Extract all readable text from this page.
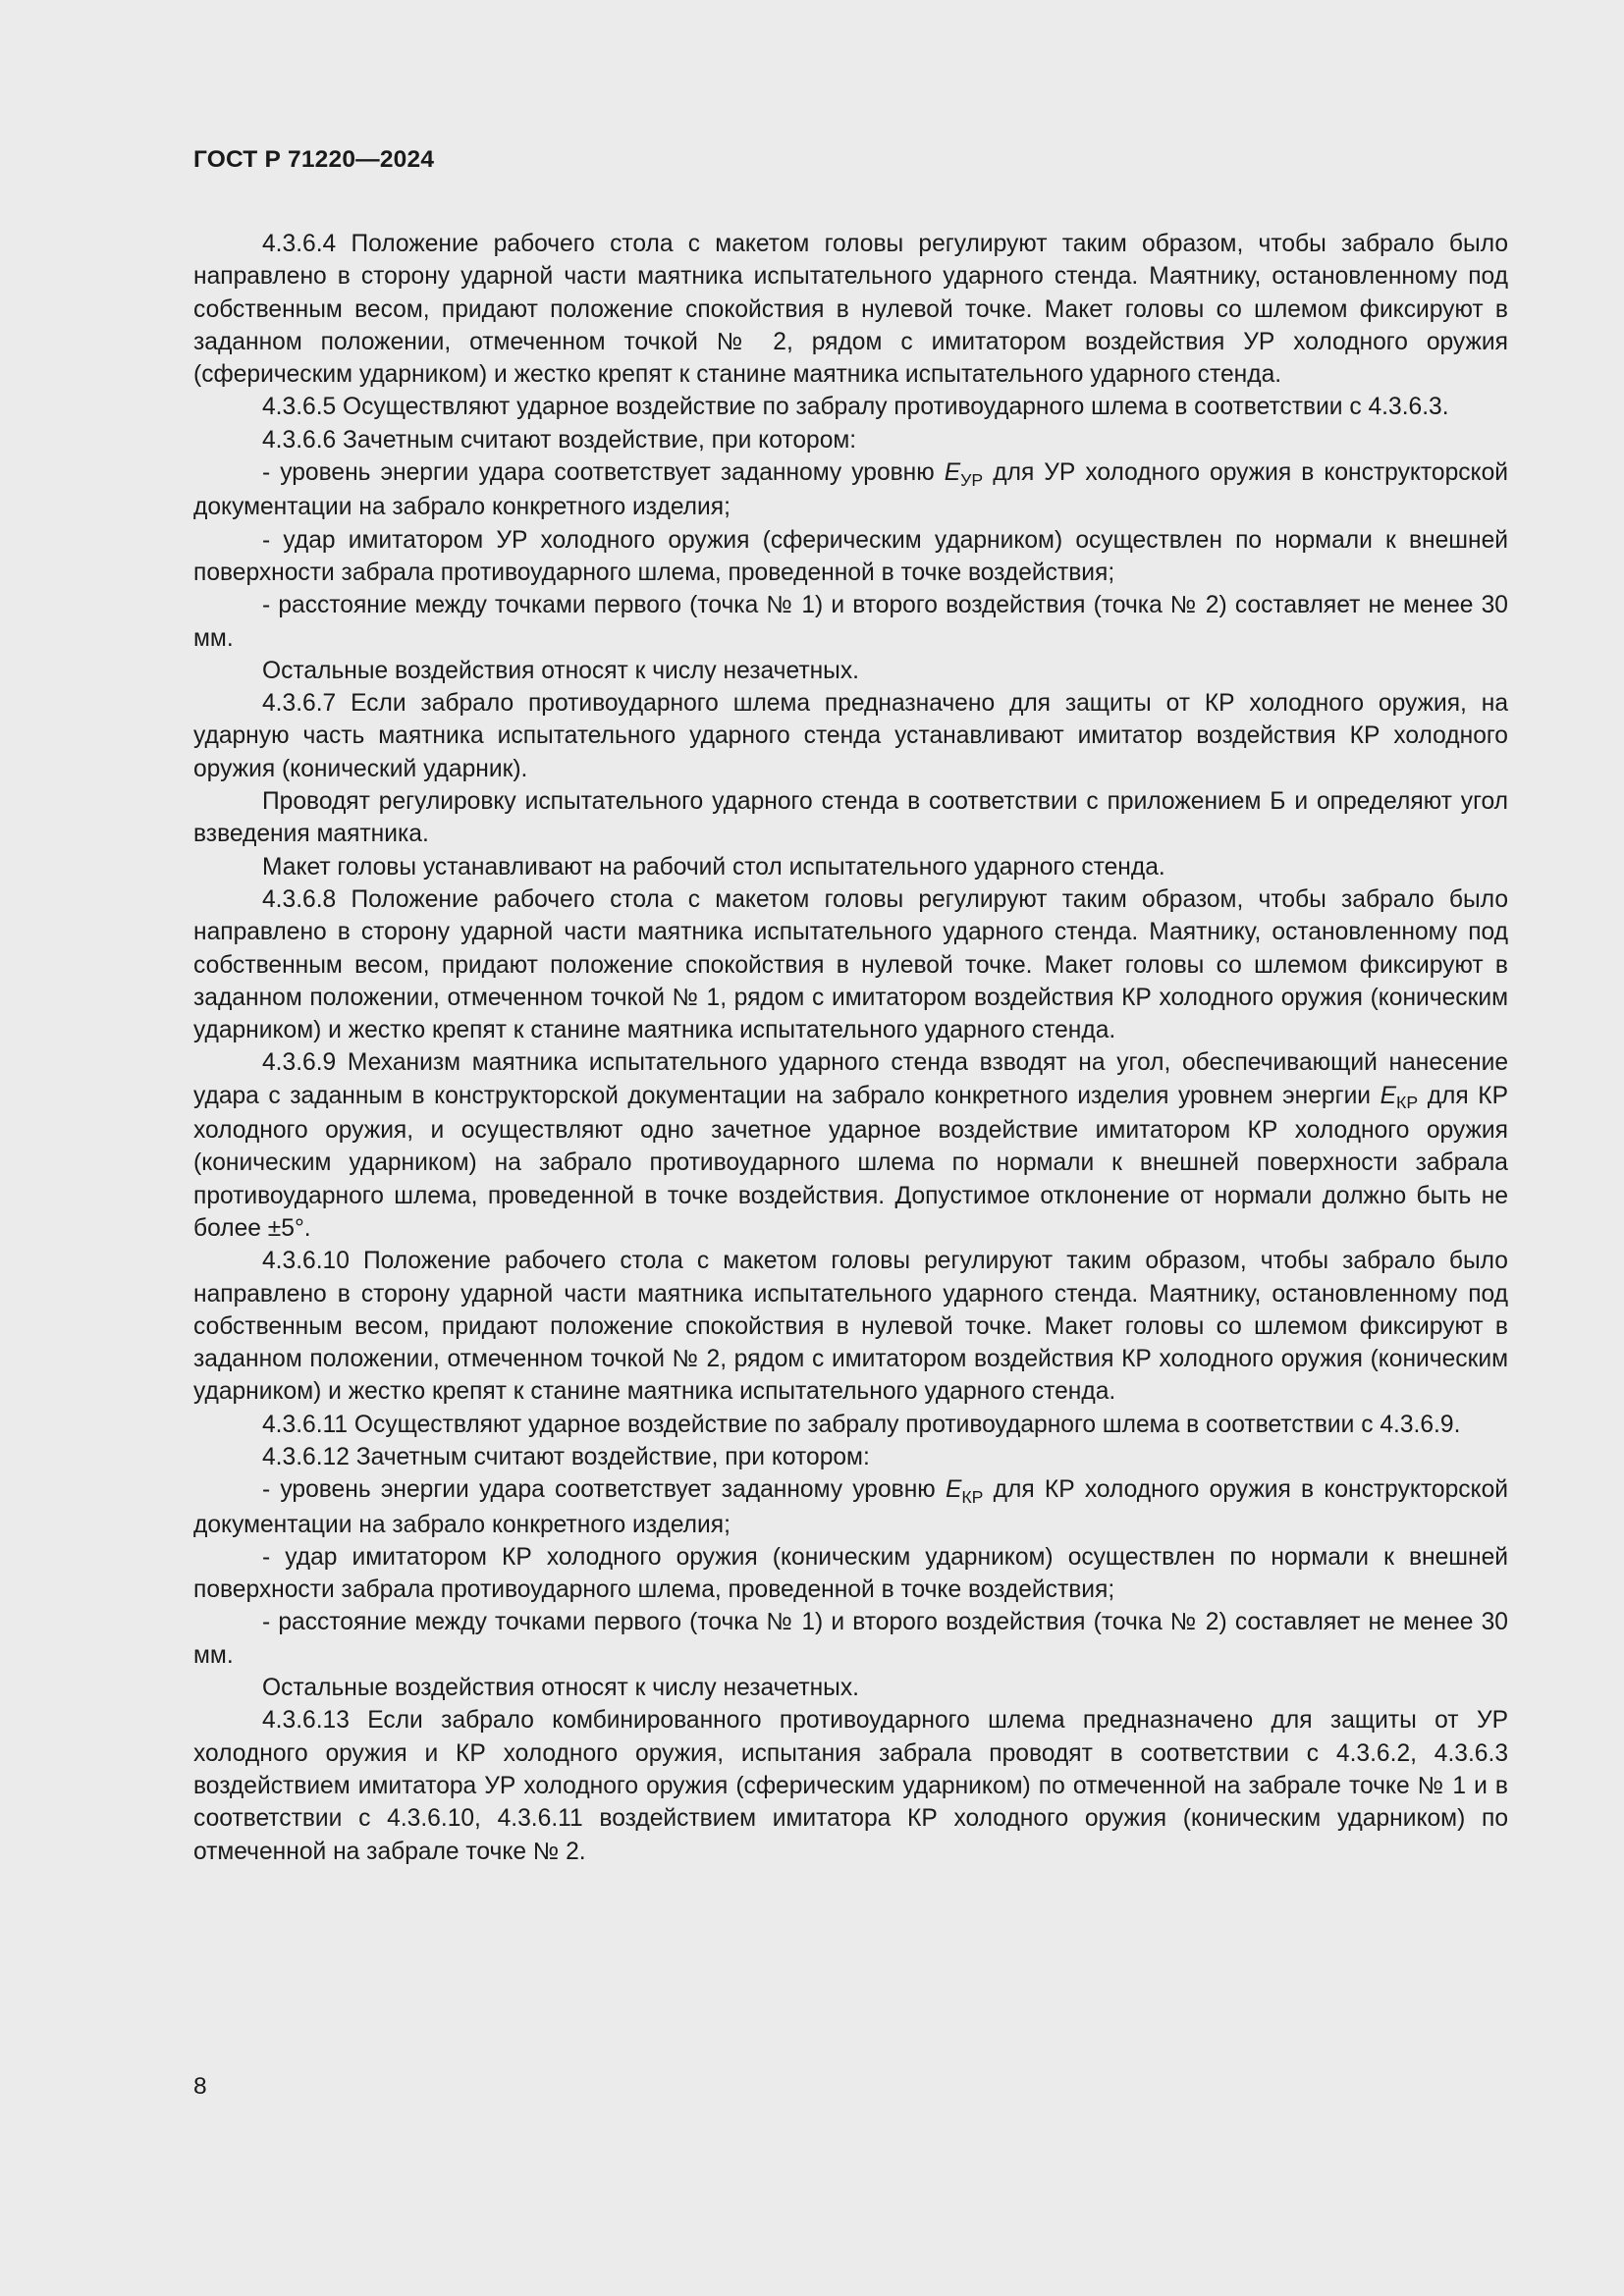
ГОСТ Р 71220—2024

4.3.6.4 Положение рабочего стола с макетом головы регулируют таким образом, чтобы забрало было направлено в сторону ударной части маятника испытательного ударного стенда. Маятнику, остановленному под собственным весом, придают положение спокойствия в нулевой точке. Макет головы со шлемом фиксируют в заданном положении, отмеченном точкой № 2, рядом с имитатором воздействия УР холодного оружия (сферическим ударником) и жестко крепят к станине маятника испытательного ударного стенда.

4.3.6.5 Осуществляют ударное воздействие по забралу противоударного шлема в соответствии с 4.3.6.3.

4.3.6.6 Зачетным считают воздействие, при котором:

- уровень энергии удара соответствует заданному уровню $E_{УР}$ для УР холодного оружия в конструкторской документации на забрало конкретного изделия;

- удар имитатором УР холодного оружия (сферическим ударником) осуществлен по нормали к внешней поверхности забрала противоударного шлема, проведенной в точке воздействия;

- расстояние между точками первого (точка № 1) и второго воздействия (точка № 2) составляет не менее 30 мм.

Остальные воздействия относят к числу незачетных.

4.3.6.7 Если забрало противоударного шлема предназначено для защиты от КР холодного оружия, на ударную часть маятника испытательного ударного стенда устанавливают имитатор воздействия КР холодного оружия (конический ударник).

Проводят регулировку испытательного ударного стенда в соответствии с приложением Б и определяют угол взведения маятника.

Макет головы устанавливают на рабочий стол испытательного ударного стенда.

4.3.6.8 Положение рабочего стола с макетом головы регулируют таким образом, чтобы забрало было направлено в сторону ударной части маятника испытательного ударного стенда. Маятнику, остановленному под собственным весом, придают положение спокойствия в нулевой точке. Макет головы со шлемом фиксируют в заданном положении, отмеченном точкой № 1, рядом с имитатором воздействия КР холодного оружия (коническим ударником) и жестко крепят к станине маятника испытательного ударного стенда.

4.3.6.9 Механизм маятника испытательного ударного стенда взводят на угол, обеспечивающий нанесение удара с заданным в конструкторской документации на забрало конкретного изделия уровнем энергии $E_{КР}$ для КР холодного оружия, и осуществляют одно зачетное ударное воздействие имитатором КР холодного оружия (коническим ударником) на забрало противоударного шлема по нормали к внешней поверхности забрала противоударного шлема, проведенной в точке воздействия. Допустимое отклонение от нормали должно быть не более ±5°.

4.3.6.10 Положение рабочего стола с макетом головы регулируют таким образом, чтобы забрало было направлено в сторону ударной части маятника испытательного ударного стенда. Маятнику, остановленному под собственным весом, придают положение спокойствия в нулевой точке. Макет головы со шлемом фиксируют в заданном положении, отмеченном точкой № 2, рядом с имитатором воздействия КР холодного оружия (коническим ударником) и жестко крепят к станине маятника испытательного ударного стенда.

4.3.6.11 Осуществляют ударное воздействие по забралу противоударного шлема в соответствии с 4.3.6.9.

4.3.6.12 Зачетным считают воздействие, при котором:

- уровень энергии удара соответствует заданному уровню $E_{КР}$ для КР холодного оружия в конструкторской документации на забрало конкретного изделия;

- удар имитатором КР холодного оружия (коническим ударником) осуществлен по нормали к внешней поверхности забрала противоударного шлема, проведенной в точке воздействия;

- расстояние между точками первого (точка № 1) и второго воздействия (точка № 2) составляет не менее 30 мм.

Остальные воздействия относят к числу незачетных.

4.3.6.13 Если забрало комбинированного противоударного шлема предназначено для защиты от УР холодного оружия и КР холодного оружия, испытания забрала проводят в соответствии с 4.3.6.2, 4.3.6.3 воздействием имитатора УР холодного оружия (сферическим ударником) по отмеченной на забрале точке № 1 и в соответствии с 4.3.6.10, 4.3.6.11 воздействием имитатора КР холодного оружия (коническим ударником) по отмеченной на забрале точке № 2.

8
